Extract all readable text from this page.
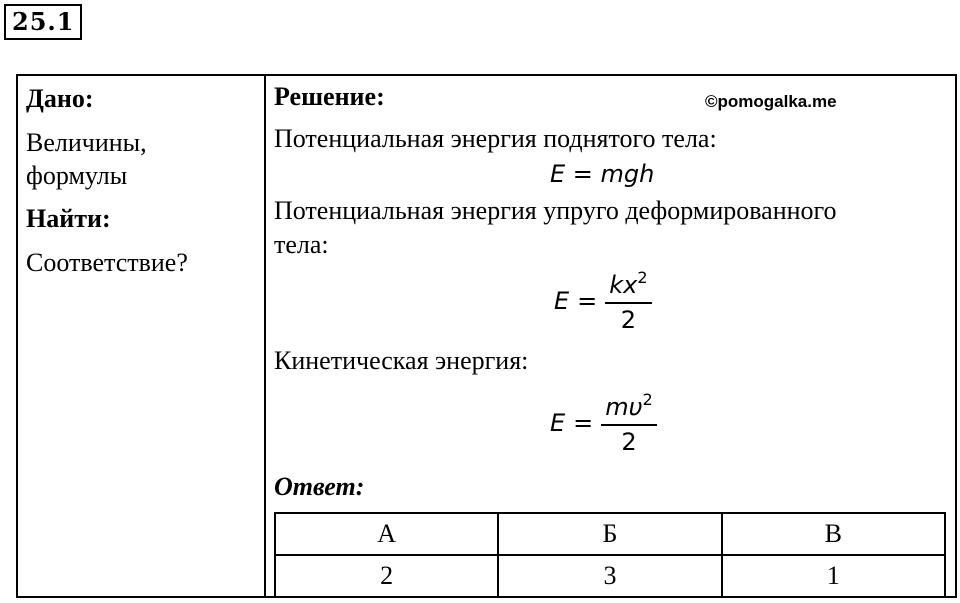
25.1
Дано:
Величины,
формулы
Найти:
Соответствие?
Решение:	©pomogalka.me
Потенциальная энергия поднятого тела:
E = mgh
Потенциальная энергия упруго деформированного
тела:
$E = \frac{kx^2}{2}$
Кинетическая энергия:
$E = \frac{m\upsilon^2}{2}$
Ответ:
А	Б	В
2	3	1
